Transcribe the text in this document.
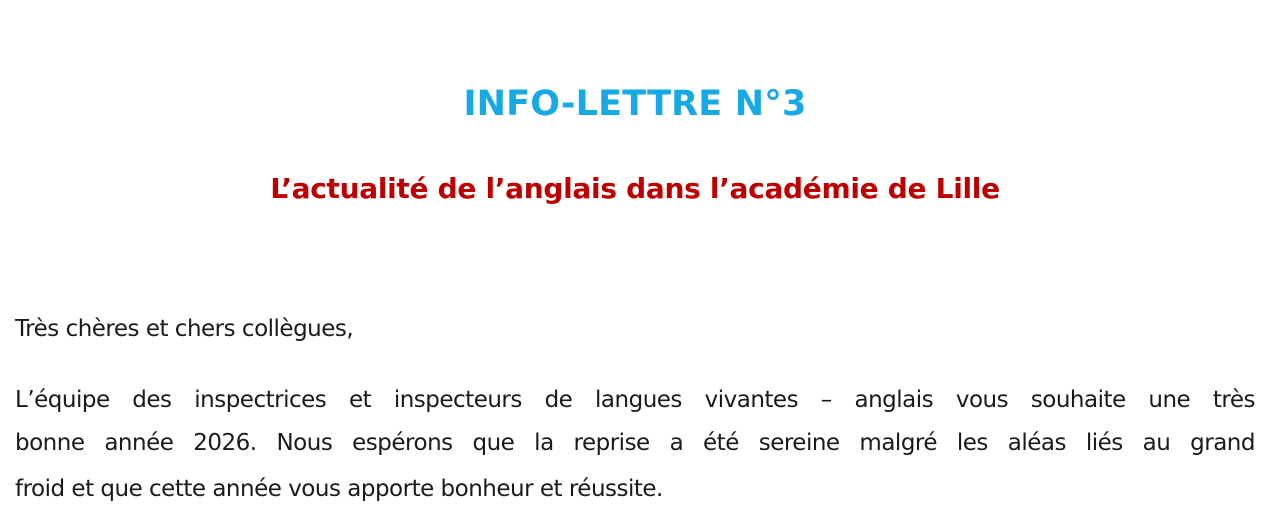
INFO-LETTRE N°3
L’actualité de l’anglais dans l’académie de Lille
Très chères et chers collègues,
L’équipe des inspectrices et inspecteurs de langues vivantes – anglais vous souhaite une très
bonne année 2026. Nous espérons que la reprise a été sereine malgré les aléas liés au grand
froid et que cette année vous apporte bonheur et réussite.
